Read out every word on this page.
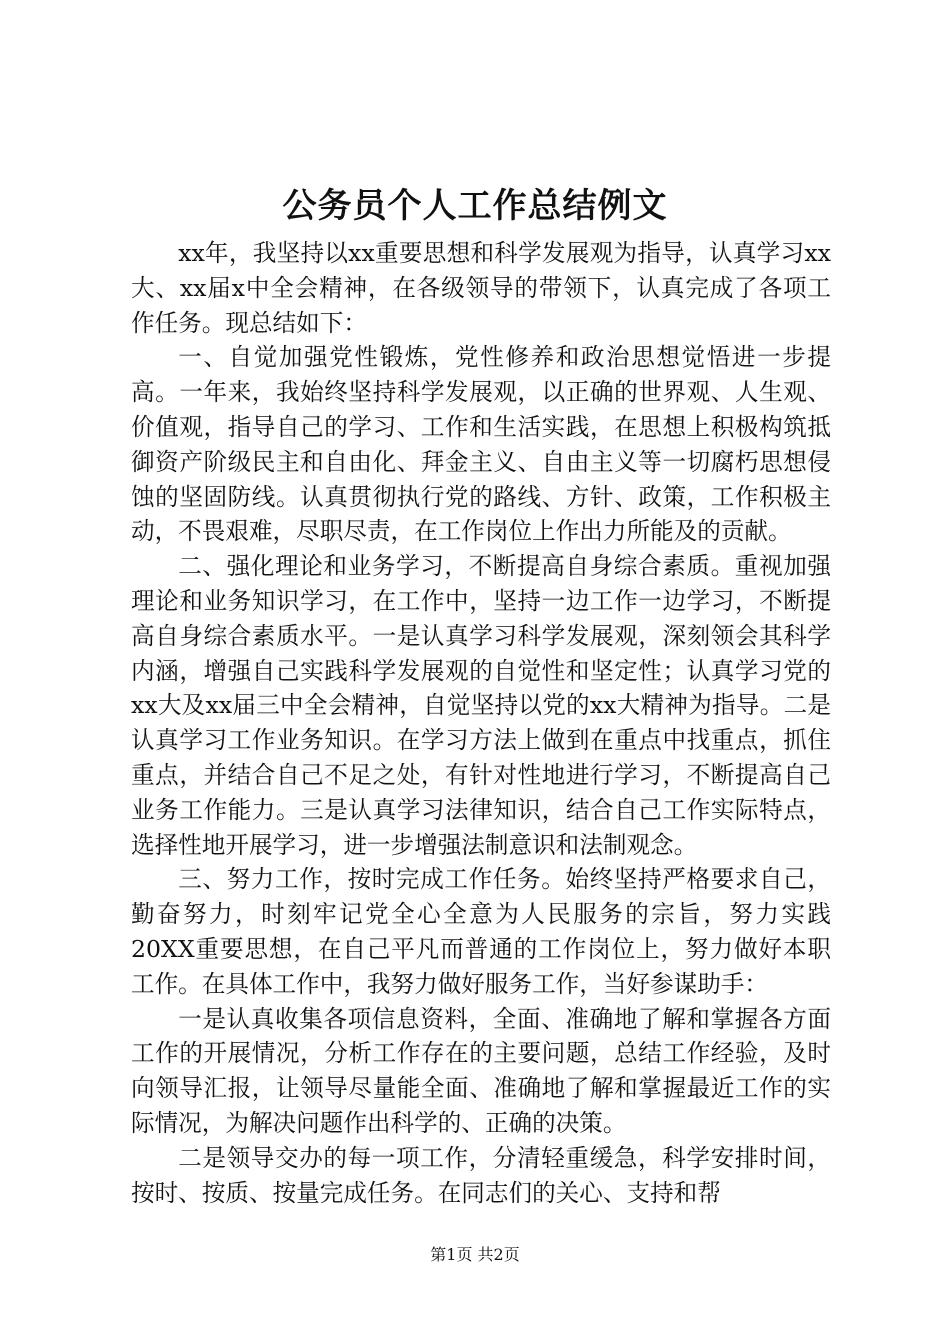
公务员个人工作总结例文

xx年，我坚持以xx重要思想和科学发展观为指导，认真学习xx大、xx届x中全会精神，在各级领导的带领下，认真完成了各项工作任务。现总结如下：

一、自觉加强党性锻炼，党性修养和政治思想觉悟进一步提高。一年来，我始终坚持科学发展观，以正确的世界观、人生观、价值观，指导自己的学习、工作和生活实践，在思想上积极构筑抵御资产阶级民主和自由化、拜金主义、自由主义等一切腐朽思想侵蚀的坚固防线。认真贯彻执行党的路线、方针、政策，工作积极主动，不畏艰难，尽职尽责，在工作岗位上作出力所能及的贡献。

二、强化理论和业务学习，不断提高自身综合素质。重视加强理论和业务知识学习，在工作中，坚持一边工作一边学习，不断提高自身综合素质水平。一是认真学习科学发展观，深刻领会其科学内涵，增强自己实践科学发展观的自觉性和坚定性；认真学习党的xx大及xx届三中全会精神，自觉坚持以党的xx大精神为指导。二是认真学习工作业务知识。在学习方法上做到在重点中找重点，抓住重点，并结合自己不足之处，有针对性地进行学习，不断提高自己业务工作能力。三是认真学习法律知识，结合自己工作实际特点，选择性地开展学习，进一步增强法制意识和法制观念。

三、努力工作，按时完成工作任务。始终坚持严格要求自己，勤奋努力，时刻牢记党全心全意为人民服务的宗旨，努力实践20XX重要思想，在自己平凡而普通的工作岗位上，努力做好本职工作。在具体工作中，我努力做好服务工作，当好参谋助手：

一是认真收集各项信息资料，全面、准确地了解和掌握各方面工作的开展情况，分析工作存在的主要问题，总结工作经验，及时向领导汇报，让领导尽量能全面、准确地了解和掌握最近工作的实际情况，为解决问题作出科学的、正确的决策。

二是领导交办的每一项工作，分清轻重缓急，科学安排时间，按时、按质、按量完成任务。在同志们的关心、支持和帮

第1页 共2页
